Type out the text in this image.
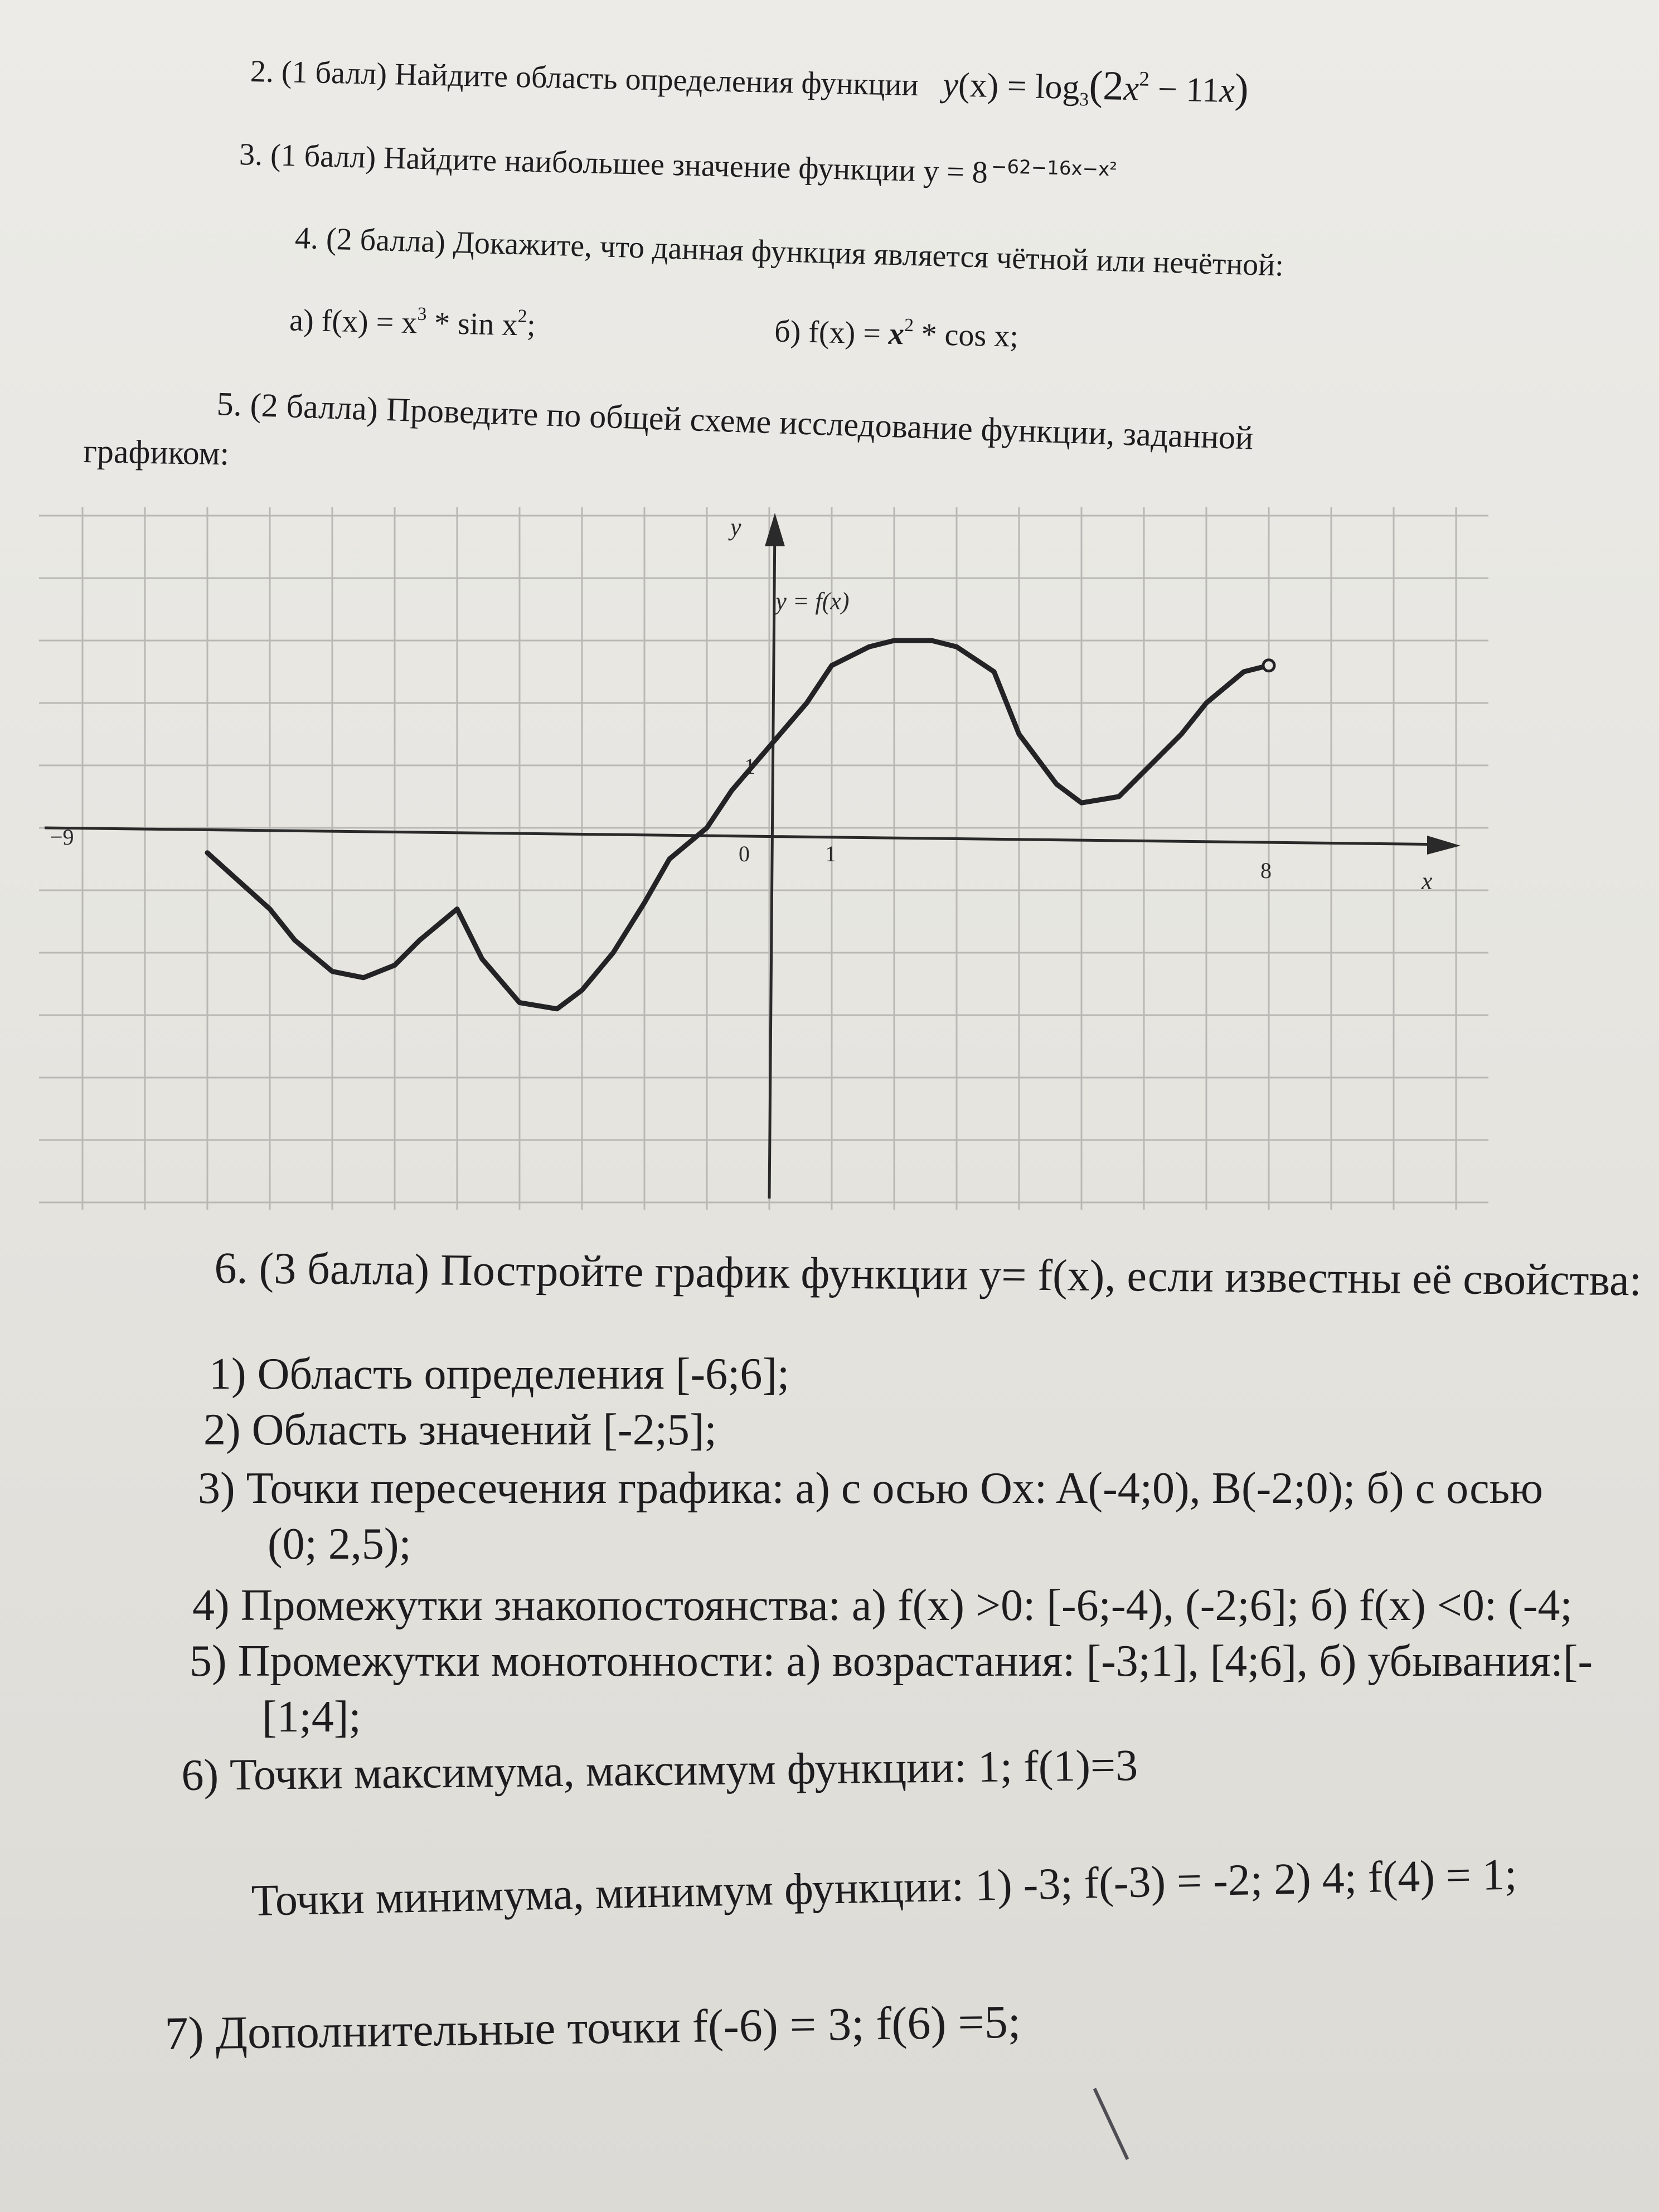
2. (1 балл) Найдите область определения функции $y(x) = \log_3(2x^2 - 11x)$
3. (1 балл) Найдите наибольшее значение функции y = 8 $^{-62-16x-x^2}$
4. (2 балла) Докажите, что данная функция является чётной или нечётной:
а) $f(x) = x^3 * \sin x^2$;	б) $f(x) = x^2 * \cos x$;
5. (2 балла) Проведите по общей схеме исследование функции, заданной
графиком:
y
x
−9
0	1
8
1
y = f(x)
6. (3 балла) Постройте график функции y= f(x), если известны её свойства:
1) Область определения [-6;6];
2) Область значений [-2;5];
3) Точки пересечения графика: а) с осью Ox: A(-4;0), B(-2;0); б) с осью
(0; 2,5);
4) Промежутки знакопостоянства: а) f(x) >0: [-6;-4), (-2;6]; б) f(x) <0: (-4;
5) Промежутки монотонности: а) возрастания: [-3;1], [4;6], б) убывания:[-
[1;4];
6) Точки максимума, максимум функции: 1; f(1)=3
Точки минимума, минимум функции: 1) -3; f(-3) = -2; 2) 4; f(4) = 1;
7) Дополнительные точки f(-6) = 3; f(6) =5;
